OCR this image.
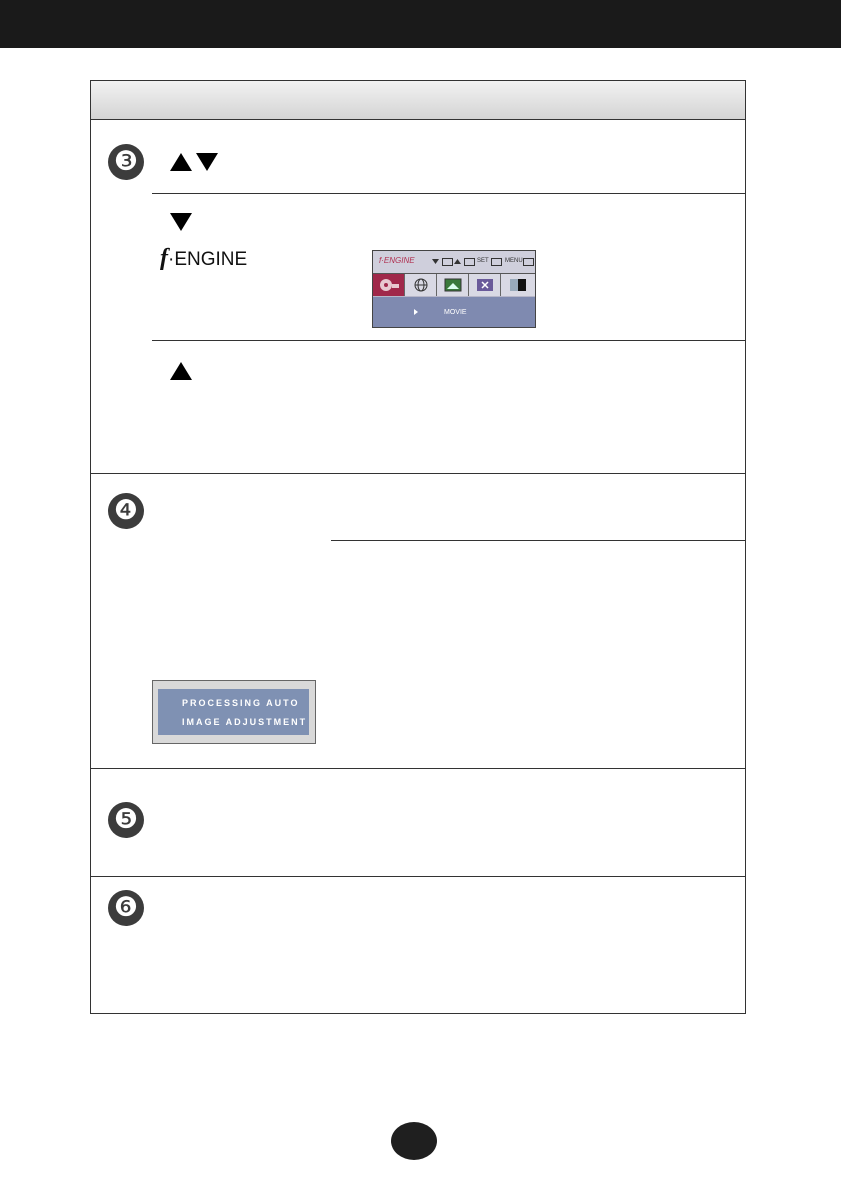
❸
❹
❺
❻
f·ENGINE	f·ENGINE	SET	MENU
MOVIE
PROCESSING AUTO
IMAGE ADJUSTMENT
